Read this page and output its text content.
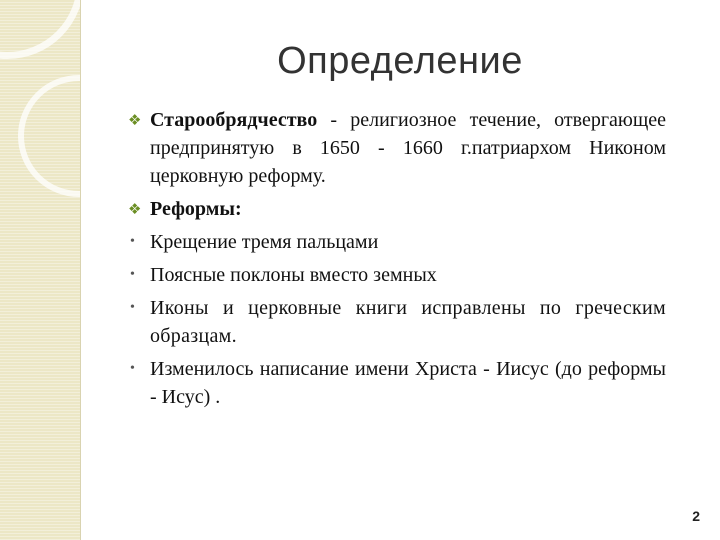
Определение
❖ Старообрядчество - религиозное течение, отвергающее предпринятую в 1650 - 1660 г.патриархом Никоном церковную реформу.
❖ Реформы:
• Крещение тремя пальцами
• Поясные поклоны вместо земных
• Иконы и церковные книги исправлены по греческим образцам.
• Изменилось написание имени Христа - Иисус (до реформы - Исус) .
2
